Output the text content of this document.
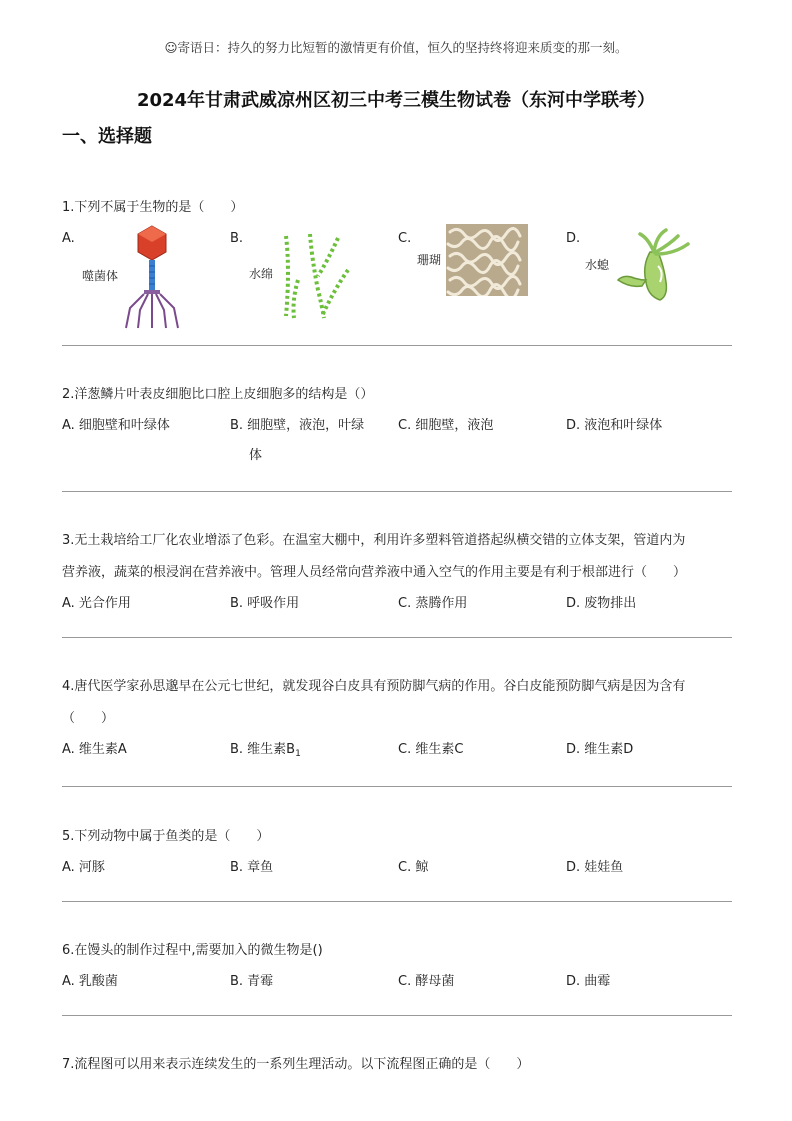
☺寄语日：持久的努力比短暂的激情更有价值，恒久的坚持终将迎来质变的那一刻。
2024年甘肃武威凉州区初三中考三模生物试卷（东河中学联考）
一、选择题
1.下列不属于生物的是（　　）
A.	B.	C.	D.
噬菌体	水绵
珊瑚	水螅
2.洋葱鳞片叶表皮细胞比口腔上皮细胞多的结构是（）
A. 细胞壁和叶绿体	B. 细胞壁，液泡，叶绿	C. 细胞壁，液泡	D. 液泡和叶绿体
体
3.无土栽培给工厂化农业增添了色彩。在温室大棚中，利用许多塑料管道搭起纵横交错的立体支架，管道内为
营养液，蔬菜的根浸润在营养液中。管理人员经常向营养液中通入空气的作用主要是有利于根部进行（　　）
A. 光合作用	B. 呼吸作用	C. 蒸腾作用	D. 废物排出
4.唐代医学家孙思邈早在公元七世纪，就发现谷白皮具有预防脚气病的作用。谷白皮能预防脚气病是因为含有
（　　）
A. 维生素A	B. 维生素$B_1$	C. 维生素C	D. 维生素D
5.下列动物中属于鱼类的是（　　）
A. 河豚	B. 章鱼	C. 鲸	D. 娃娃鱼
6.在馒头的制作过程中,需要加入的微生物是()
A. 乳酸菌	B. 青霉	C. 酵母菌	D. 曲霉
7.流程图可以用来表示连续发生的一系列生理活动。以下流程图正确的是（　　）
